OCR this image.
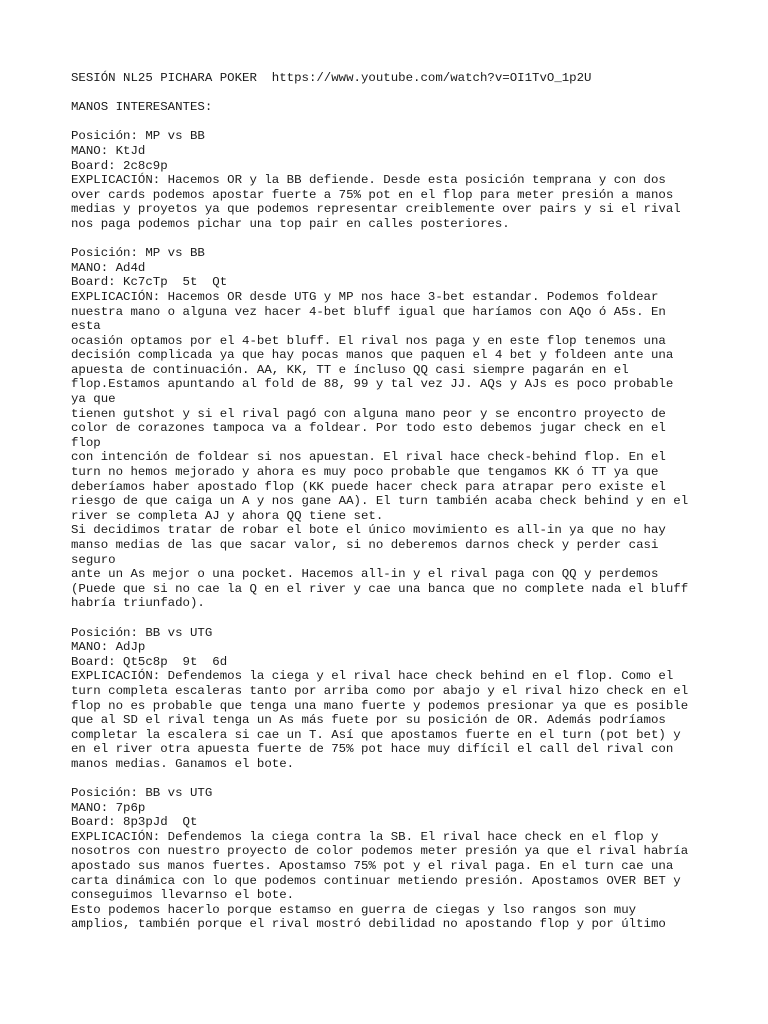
SESIÓN NL25 PICHARA POKER  https://www.youtube.com/watch?v=OI1TvO_1p2U
MANOS INTERESANTES:
Posición: MP vs BB
MANO: KtJd
Board: 2c8c9p
EXPLICACIÓN: Hacemos OR y la BB defiende. Desde esta posición temprana y con dos
over cards podemos apostar fuerte a 75% pot en el flop para meter presión a manos
medias y proyetos ya que podemos representar creiblemente over pairs y si el rival
nos paga podemos pichar una top pair en calles posteriores.
Posición: MP vs BB
MANO: Ad4d
Board: Kc7cTp  5t  Qt
EXPLICACIÓN: Hacemos OR desde UTG y MP nos hace 3-bet estandar. Podemos foldear
nuestra mano o alguna vez hacer 4-bet bluff igual que haríamos con AQo ó A5s. En
esta
ocasión optamos por el 4-bet bluff. El rival nos paga y en este flop tenemos una
decisión complicada ya que hay pocas manos que paquen el 4 bet y foldeen ante una
apuesta de continuación. AA, KK, TT e íncluso QQ casi siempre pagarán en el
flop.Estamos apuntando al fold de 88, 99 y tal vez JJ. AQs y AJs es poco probable
ya que
tienen gutshot y si el rival pagó con alguna mano peor y se encontro proyecto de
color de corazones tampoca va a foldear. Por todo esto debemos jugar check en el
flop
con intención de foldear si nos apuestan. El rival hace check-behind flop. En el
turn no hemos mejorado y ahora es muy poco probable que tengamos KK ó TT ya que
deberíamos haber apostado flop (KK puede hacer check para atrapar pero existe el
riesgo de que caiga un A y nos gane AA). El turn también acaba check behind y en el
river se completa AJ y ahora QQ tiene set.
Si decidimos tratar de robar el bote el único movimiento es all-in ya que no hay
manso medias de las que sacar valor, si no deberemos darnos check y perder casi
seguro
ante un As mejor o una pocket. Hacemos all-in y el rival paga con QQ y perdemos
(Puede que si no cae la Q en el river y cae una banca que no complete nada el bluff
habría triunfado).
Posición: BB vs UTG
MANO: AdJp
Board: Qt5c8p  9t  6d
EXPLICACIÓN: Defendemos la ciega y el rival hace check behind en el flop. Como el
turn completa escaleras tanto por arriba como por abajo y el rival hizo check en el
flop no es probable que tenga una mano fuerte y podemos presionar ya que es posible
que al SD el rival tenga un As más fuete por su posición de OR. Además podríamos
completar la escalera si cae un T. Así que apostamos fuerte en el turn (pot bet) y
en el river otra apuesta fuerte de 75% pot hace muy difícil el call del rival con
manos medias. Ganamos el bote.
Posición: BB vs UTG
MANO: 7p6p
Board: 8p3pJd  Qt
EXPLICACIÓN: Defendemos la ciega contra la SB. El rival hace check en el flop y
nosotros con nuestro proyecto de color podemos meter presión ya que el rival habría
apostado sus manos fuertes. Apostamso 75% pot y el rival paga. En el turn cae una
carta dinámica con lo que podemos continuar metiendo presión. Apostamos OVER BET y
conseguimos llevarnso el bote.
Esto podemos hacerlo porque estamso en guerra de ciegas y lso rangos son muy
amplios, también porque el rival mostró debilidad no apostando flop y por último
